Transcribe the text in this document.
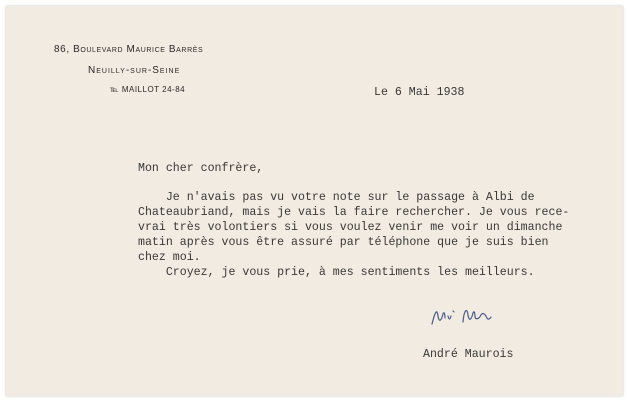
86, Boulevard Maurice Barrès
Neuilly-sur-Seine
℡ MAILLOT 24-84	Le 6 Mai 1938
Mon cher confrère,
Je n'avais pas vu votre note sur le passage à Albi de
Chateaubriand, mais je vais la faire rechercher. Je vous rece-
vrai très volontiers si vous voulez venir me voir un dimanche
matin après vous être assuré par téléphone que je suis bien
chez moi.
Croyez, je vous prie, à mes sentiments les meilleurs.
André Maurois
